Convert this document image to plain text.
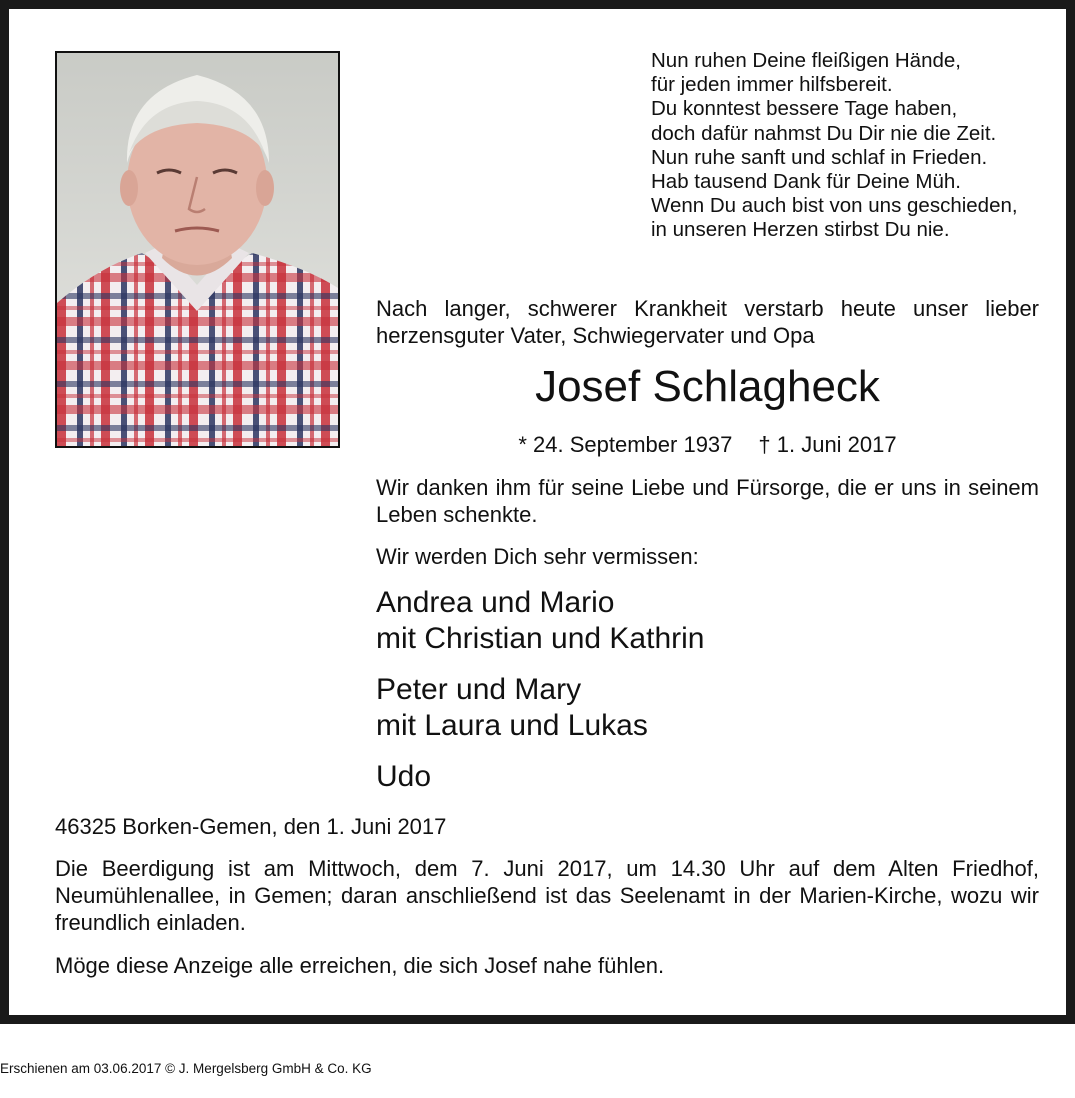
Nun ruhen Deine fleißigen Hände,
für jeden immer hilfsbereit.
Du konntest bessere Tage haben,
doch dafür nahmst Du Dir nie die Zeit.
Nun ruhe sanft und schlaf in Frieden.
Hab tausend Dank für Deine Müh.
Wenn Du auch bist von uns geschieden,
in unseren Herzen stirbst Du nie.
Nach langer, schwerer Krankheit verstarb heute unser lieber herzensguter Vater, Schwiegervater und Opa
Josef Schlagheck
* 24. September 1937 † 1. Juni 2017
Wir danken ihm für seine Liebe und Fürsorge, die er uns in seinem Leben schenkte.
Wir werden Dich sehr vermissen:
Andrea und Mario
mit Christian und Kathrin
Peter und Mary
mit Laura und Lukas
Udo
46325 Borken-Gemen, den 1. Juni 2017
Die Beerdigung ist am Mittwoch, dem 7. Juni 2017, um 14.30 Uhr auf dem Alten Friedhof, Neumühlenallee, in Gemen; daran anschließend ist das Seelenamt in der Marien-Kirche, wozu wir freundlich einladen.
Möge diese Anzeige alle erreichen, die sich Josef nahe fühlen.
Erschienen am 03.06.2017 © J. Mergelsberg GmbH & Co. KG
